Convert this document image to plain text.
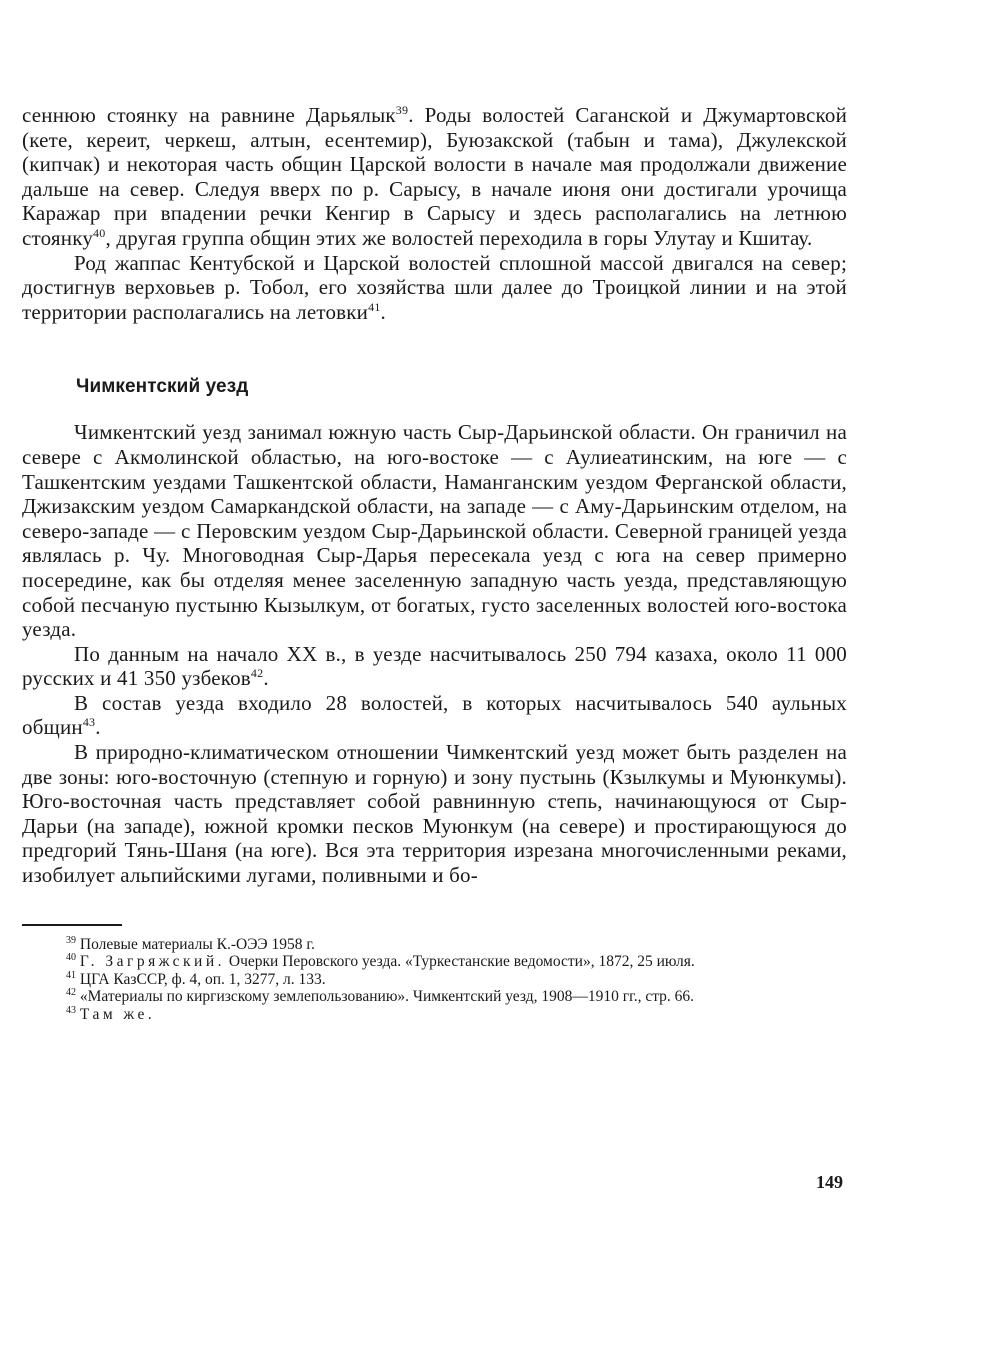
сеннюю стоянку на равнине Дарьялык$^{39}$. Роды волостей Саганской и Джумартовской (кете, кереит, черкеш, алтын, есентемир), Буюзакской (табын и тама), Джулекской (кипчак) и некоторая часть общин Царской волости в начале мая продолжали движение дальше на север. Следуя вверх по р. Сарысу, в начале июня они достигали урочища Каражар при впадении речки Кенгир в Сарысу и здесь располагались на летнюю стоянку$^{40}$, другая группа общин этих же волостей переходила в горы Улутау и Кшитау.

Род жаппас Кентубской и Царской волостей сплошной массой двигался на север; достигнув верховьев р. Тобол, его хозяйства шли далее до Троицкой линии и на этой территории располагались на летовки$^{41}$.

Чимкентский уезд

Чимкентский уезд занимал южную часть Сыр-Дарьинской области. Он граничил на севере с Акмолинской областью, на юго-востоке — с Аулиеатинским, на юге — с Ташкентским уездами Ташкентской области, Наманганским уездом Ферганской области, Джизакским уездом Самаркандской области, на западе — с Аму-Дарьинским отделом, на северо-западе — с Перовским уездом Сыр-Дарьинской области. Северной границей уезда являлась р. Чу. Многоводная Сыр-Дарья пересекала уезд с юга на север примерно посередине, как бы отделяя менее заселенную западную часть уезда, представляющую собой песчаную пустыню Кызылкум, от богатых, густо заселенных волостей юго-востока уезда.

По данным на начало XX в., в уезде насчитывалось 250 794 казаха, около 11 000 русских и 41 350 узбеков$^{42}$.

В состав уезда входило 28 волостей, в которых насчитывалось 540 аульных общин$^{43}$.

В природно-климатическом отношении Чимкентский уезд может быть разделен на две зоны: юго-восточную (степную и горную) и зону пустынь (Кзылкумы и Муюнкумы). Юго-восточная часть представляет собой равнинную степь, начинающуюся от Сыр-Дарьи (на западе), южной кромки песков Муюнкум (на севере) и простирающуюся до предгорий Тянь-Шаня (на юге). Вся эта территория изрезана многочисленными реками, изобилует альпийскими лугами, поливными и бо-

$^{39}$ Полевые материалы К.-ОЭЭ 1958 г.

$^{40}$ Г. Загряжский. Очерки Перовского уезда. «Туркестанские ведомости», 1872, 25 июля.

$^{41}$ ЦГА КазССР, ф. 4, оп. 1, 3277, л. 133.

$^{42}$ «Материалы по киргизскому землепользованию». Чимкентский уезд, 1908—1910 гг., стр. 66.

$^{43}$ Там же.

149
